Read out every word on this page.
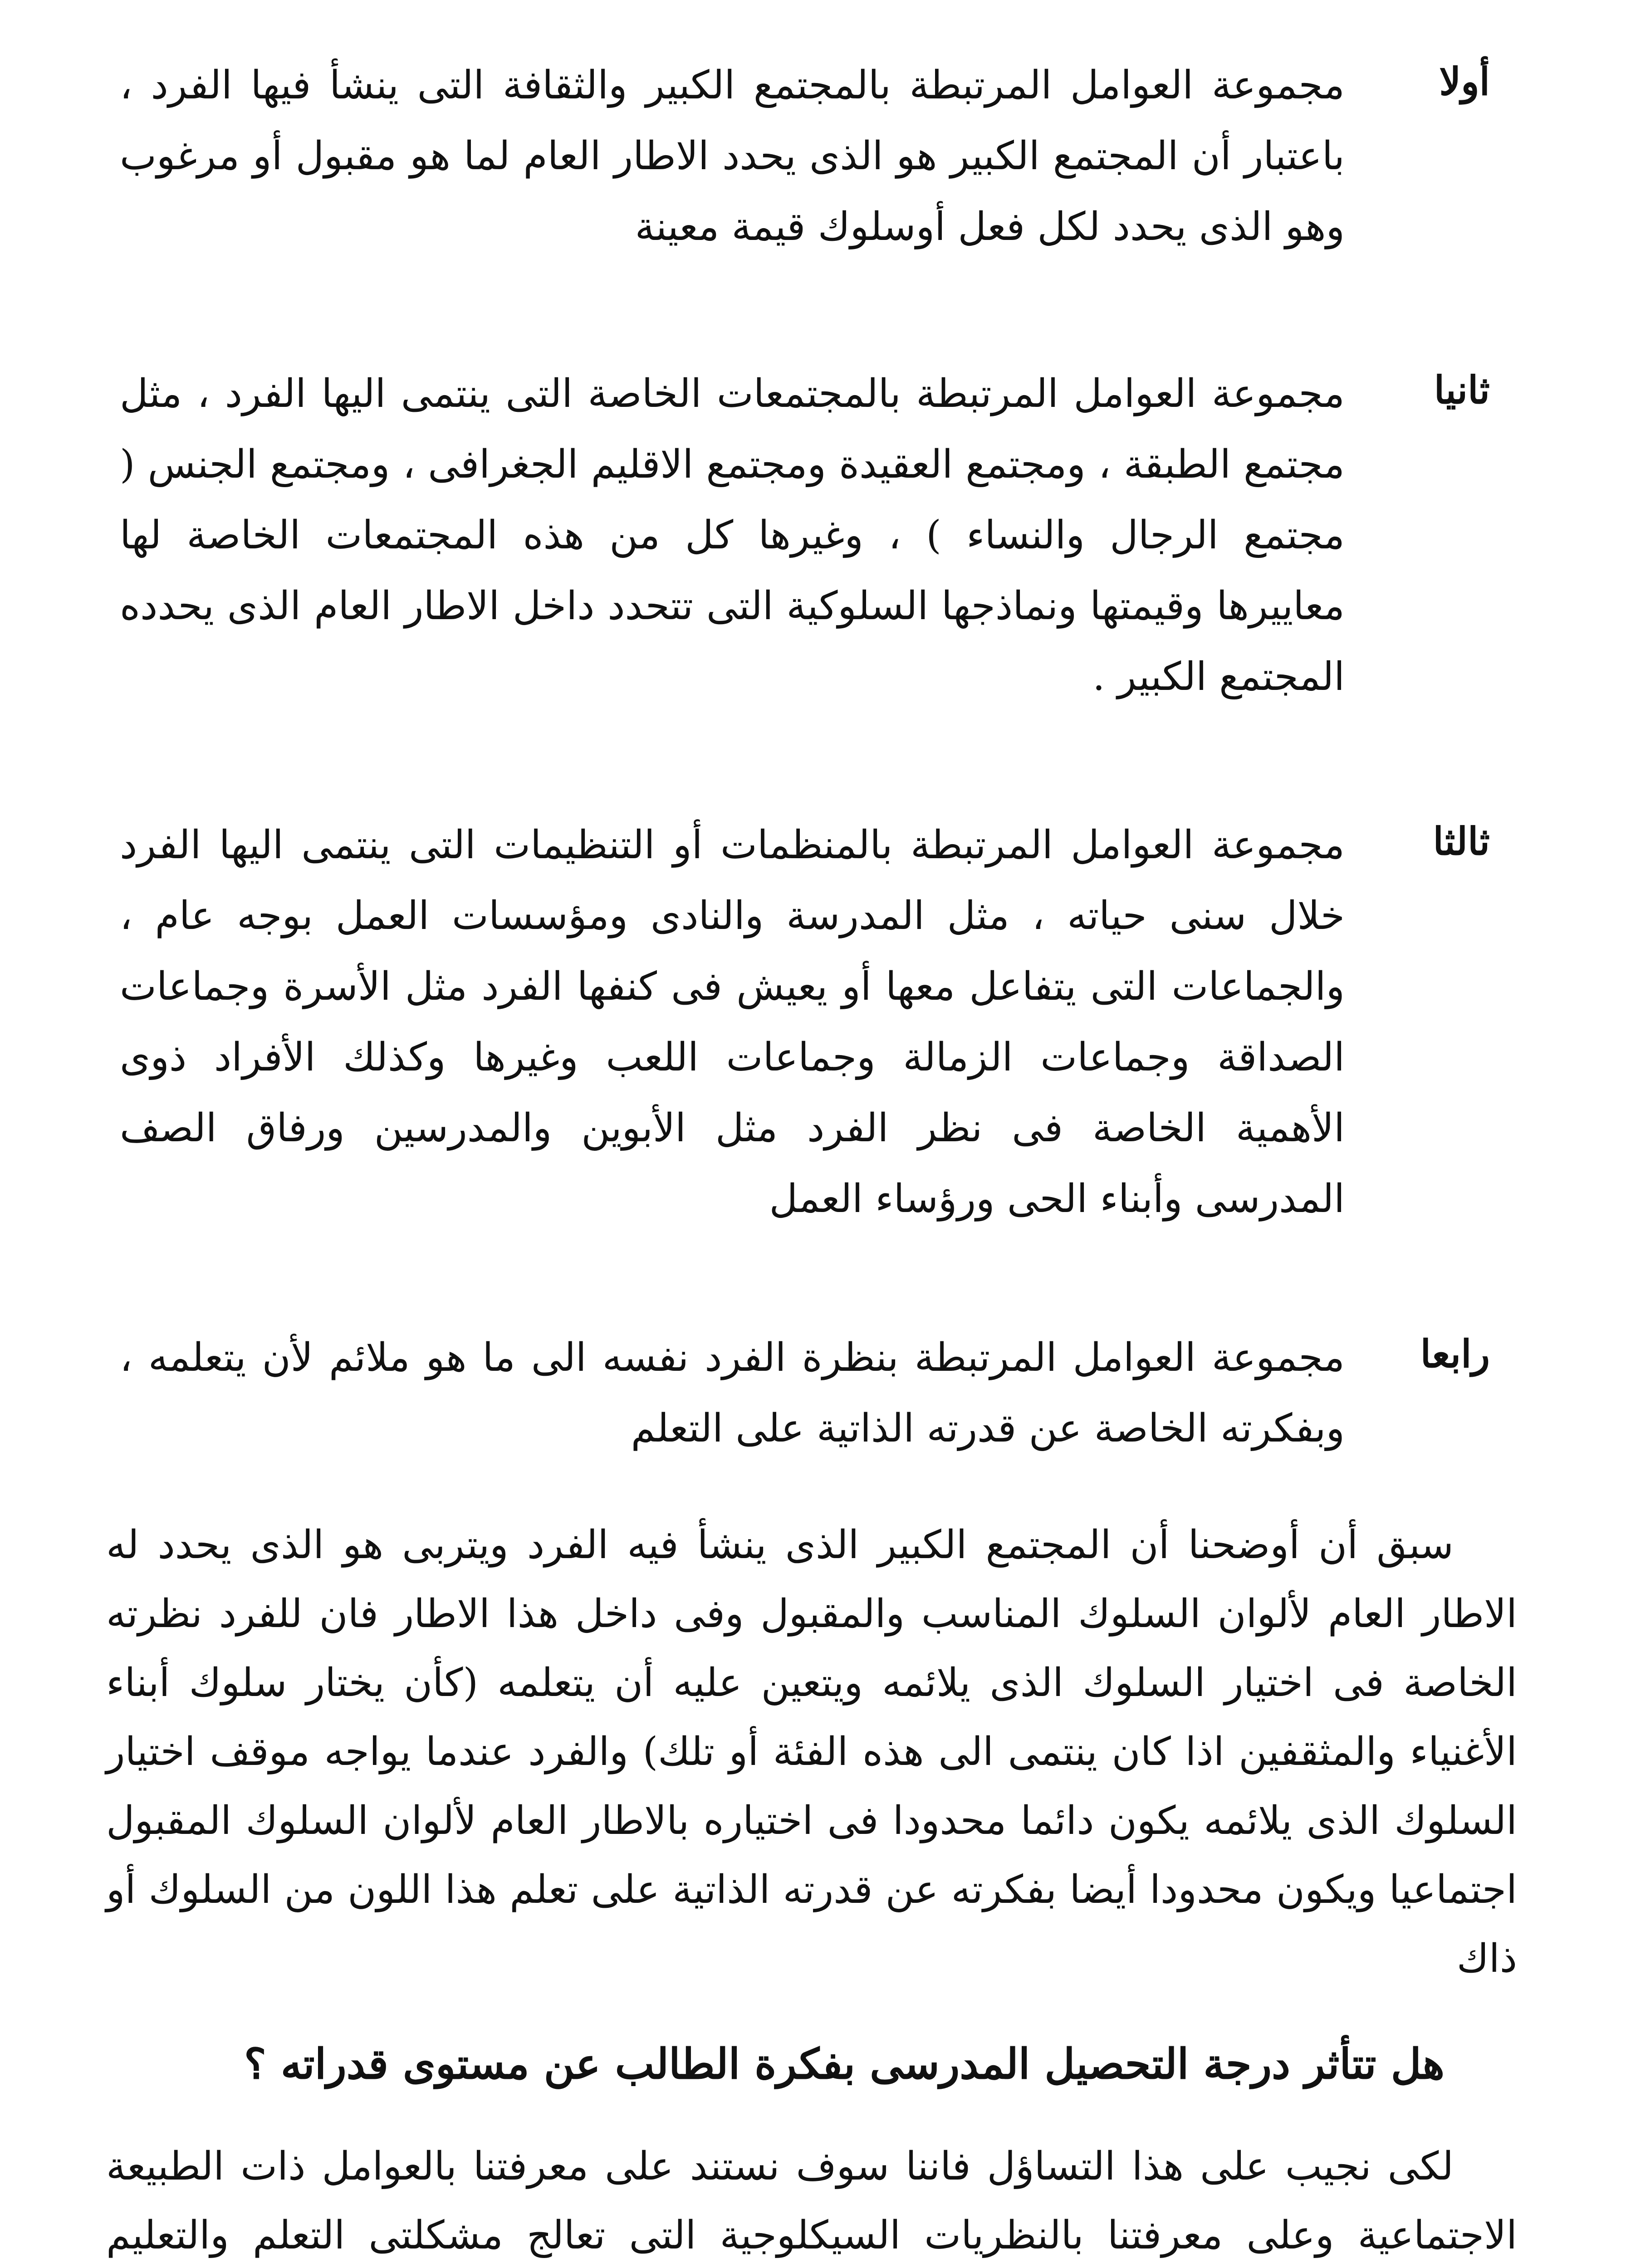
أولا
مجموعة العوامل المرتبطة بالمجتمع الكبير والثقافة التى ينشأ فيها الفرد ، باعتبار أن المجتمع الكبير هو الذى يحدد الاطار العام لما هو مقبول أو مرغوب وهو الذى يحدد لكل فعل أوسلوك قيمة معينة
ثانيا
مجموعة العوامل المرتبطة بالمجتمعات الخاصة التى ينتمى اليها الفرد ، مثل مجتمع الطبقة ، ومجتمع العقيدة ومجتمع الاقليم الجغرافى ، ومجتمع الجنس ( مجتمع الرجال والنساء ) ، وغيرها كل من هذه المجتمعات الخاصة لها معاييرها وقيمتها ونماذجها السلوكية التى تتحدد داخل الاطار العام الذى يحدده المجتمع الكبير .
ثالثا
مجموعة العوامل المرتبطة بالمنظمات أو التنظيمات التى ينتمى اليها الفرد خلال سنى حياته ، مثل المدرسة والنادى ومؤسسات العمل بوجه عام ، والجماعات التى يتفاعل معها أو يعيش فى كنفها الفرد مثل الأسرة وجماعات الصداقة وجماعات الزمالة وجماعات اللعب وغيرها وكذلك الأفراد ذوى الأهمية الخاصة فى نظر الفرد مثل الأبوين والمدرسين ورفاق الصف المدرسى وأبناء الحى ورؤساء العمل
رابعا
مجموعة العوامل المرتبطة بنظرة الفرد نفسه الى ما هو ملائم لأن يتعلمه ، وبفكرته الخاصة عن قدرته الذاتية على التعلم

سبق أن أوضحنا أن المجتمع الكبير الذى ينشأ فيه الفرد ويتربى هو الذى يحدد له الاطار العام لألوان السلوك المناسب والمقبول وفى داخل هذا الاطار فان للفرد نظرته الخاصة فى اختيار السلوك الذى يلائمه ويتعين عليه أن يتعلمه (كأن يختار سلوك أبناء الأغنياء والمثقفين اذا كان ينتمى الى هذه الفئة أو تلك) والفرد عندما يواجه موقف اختيار السلوك الذى يلائمه يكون دائما محدودا فى اختياره بالاطار العام لألوان السلوك المقبول اجتماعيا ويكون محدودا أيضا بفكرته عن قدرته الذاتية على تعلم هذا اللون من السلوك أو ذاك

هل تتأثر درجة التحصيل المدرسى بفكرة الطالب عن مستوى قدراته ؟

لكى نجيب على هذا التساؤل فاننا سوف نستند على معرفتنا بالعوامل ذات الطبيعة الاجتماعية وعلى معرفتنا بالنظريات السيكلوجية التى تعالج مشكلتى التعلم والتعليم
